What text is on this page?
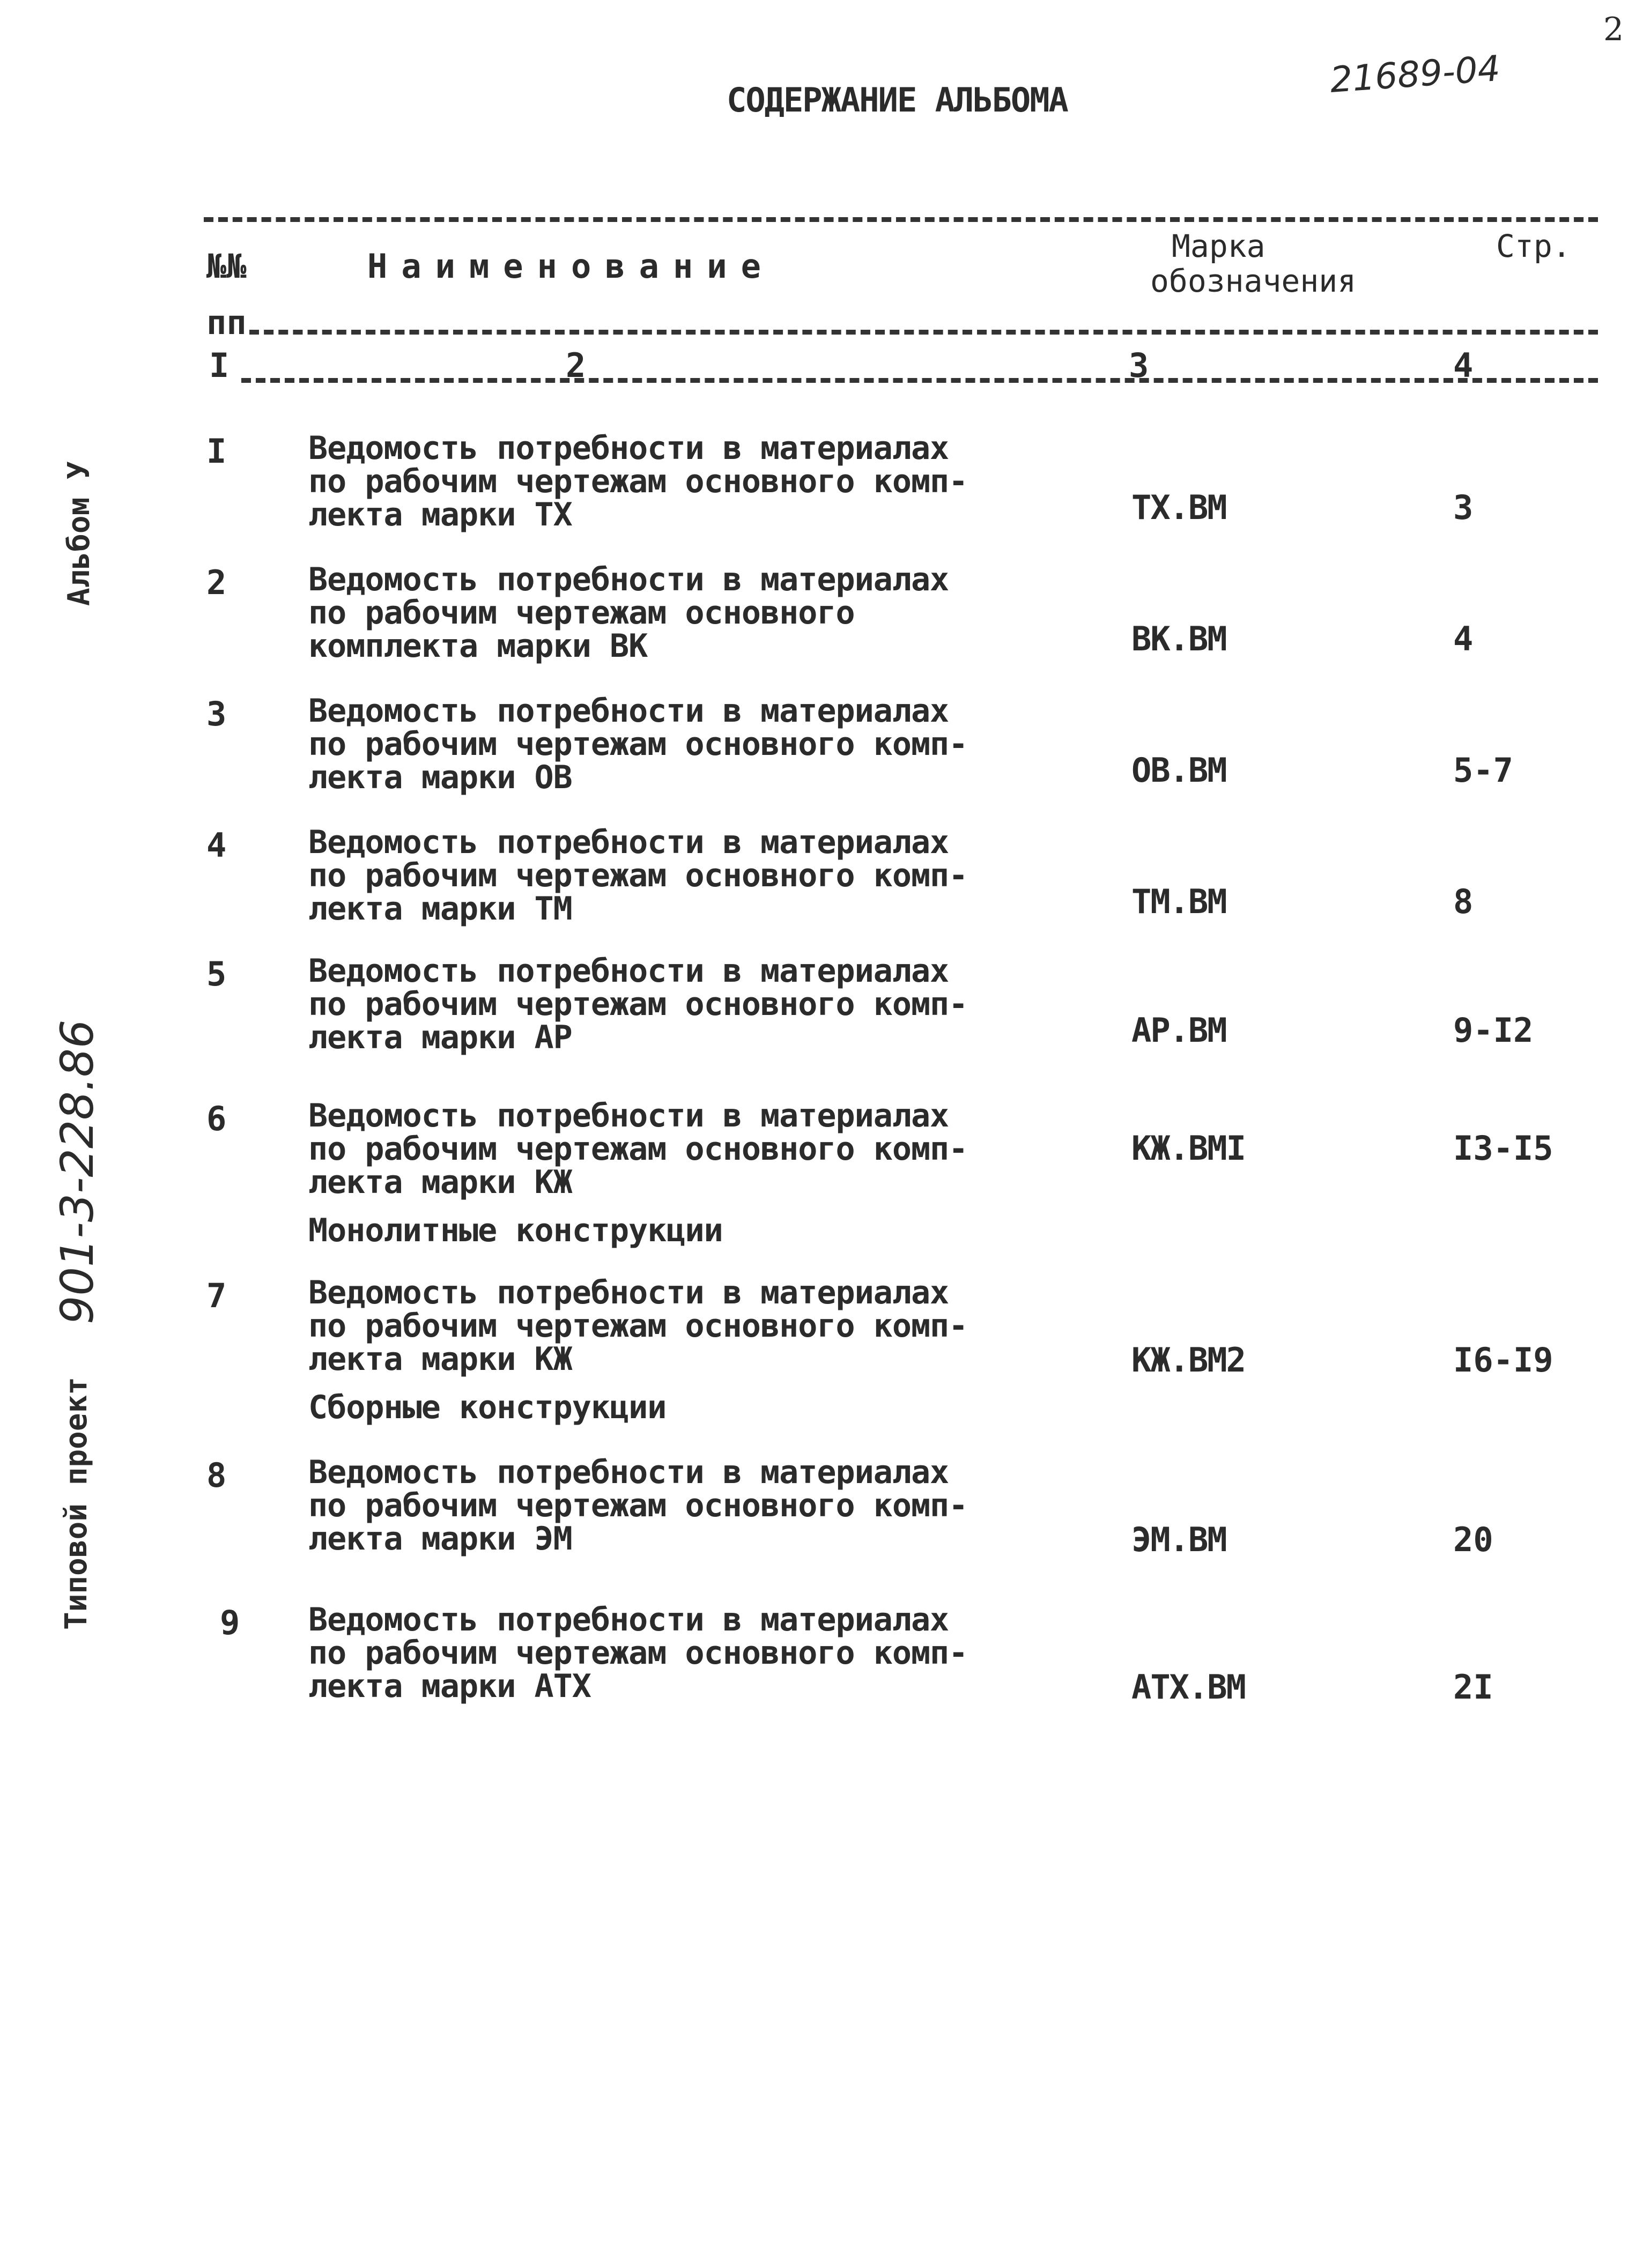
2
21689-04
СОДЕРЖАНИЕ АЛЬБОМА
Альбом У
Типовой проект
901-3-228.86
№№	Наименование
Марка
обозначения
Стр.
пп
I	2	3	4
I	Ведомость потребности в материалах
по рабочим чертежам основного комп-
лекта марки ТХ	ТХ.ВМ	3
2	Ведомость потребности в материалах
по рабочим чертежам основного
комплекта марки ВК	ВК.ВМ	4
3	Ведомость потребности в материалах
по рабочим чертежам основного комп-
лекта марки ОВ	ОВ.ВМ	5-7
4	Ведомость потребности в материалах
по рабочим чертежам основного комп-
лекта марки ТМ	ТМ.ВМ	8
5	Ведомость потребности в материалах
по рабочим чертежам основного комп-
лекта марки АР	АР.ВМ	9-I2
6	Ведомость потребности в материалах
по рабочим чертежам основного комп-
лекта марки КЖ
КЖ.ВМI	I3-I5
Монолитные конструкции
7	Ведомость потребности в материалах
по рабочим чертежам основного комп-
лекта марки КЖ	КЖ.ВМ2	I6-I9
Сборные конструкции
8	Ведомость потребности в материалах
по рабочим чертежам основного комп-
лекта марки ЭМ	ЭМ.ВМ	20
9 Ведомость потребности в материалах
по рабочим чертежам основного комп-
лекта марки АТХ	АТХ.ВМ	2I
